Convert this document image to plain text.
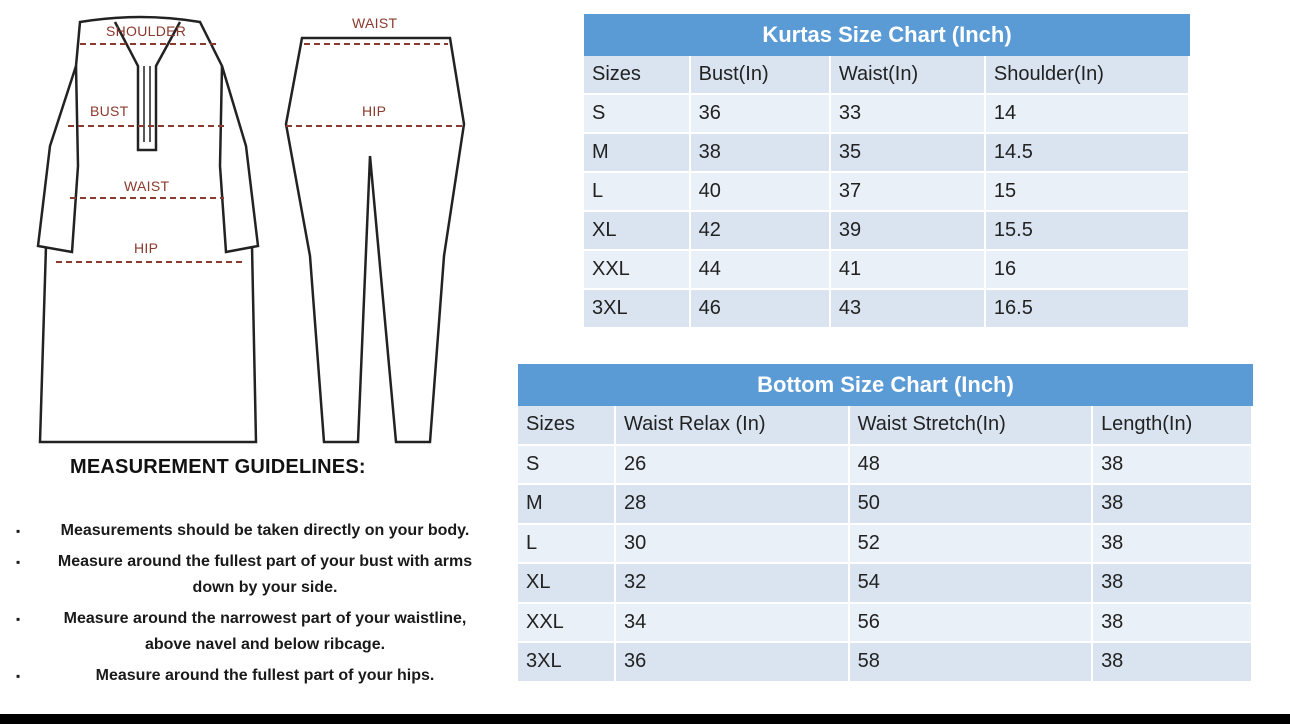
SHOULDER
BUST
WAIST
HIP
WAIST
HIP
MEASUREMENT GUIDELINES:
▪	Measurements should be taken directly on your body.
▪ Measure around the fullest part of your bust with arms down by your side.
▪	Measure around the narrowest part of your waistline, above navel and below ribcage.
▪	Measure around the fullest part of your hips.
Kurtas Size Chart (Inch)
Sizes	Bust(In)	Waist(In)	Shoulder(In)
S	36	33	14
M	38	35	14.5
L	40	37	15
XL	42	39	15.5
XXL	44	41	16
3XL	46	43	16.5
Bottom Size Chart (Inch)
Sizes	Waist Relax (In)	Waist Stretch(In)	Length(In)
S	26	48	38
M	28	50	38
L	30	52	38
XL	32	54	38
XXL	34	56	38
3XL	36	58	38
